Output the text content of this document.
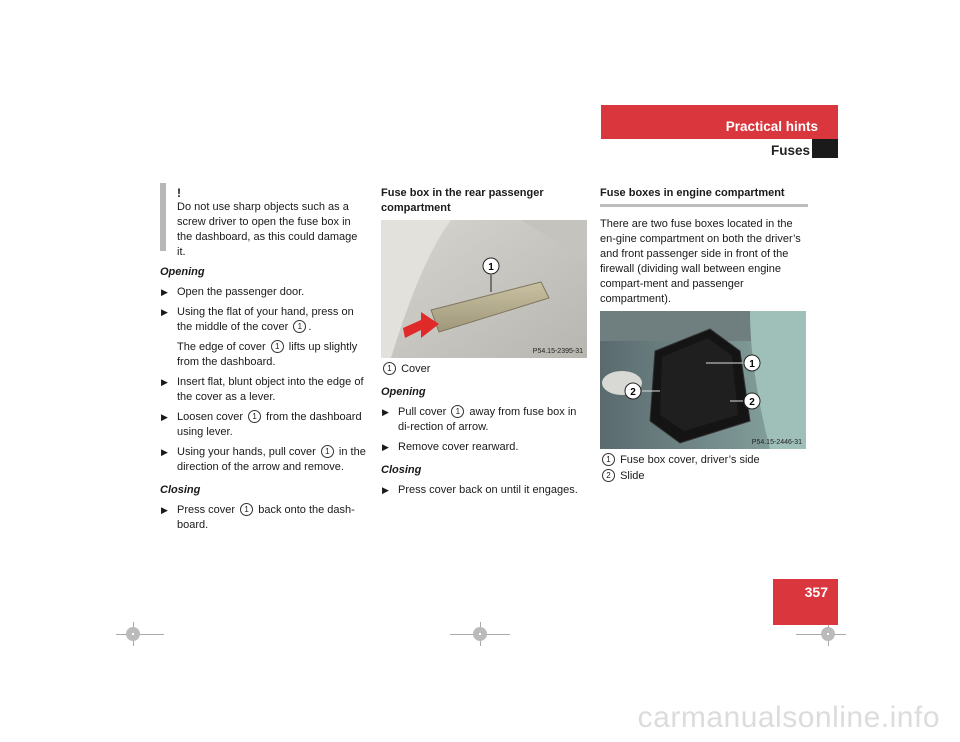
Practical hints
Fuses
357
!
Do not use sharp objects such as a screw driver to open the fuse box in the dashboard, as this could damage it.
Opening
▶ Open the passenger door.
▶ Using the flat of your hand, press on the middle of the cover 1 .
The edge of cover 1 lifts up slightly from the dashboard.
▶ Insert flat, blunt object into the edge of the cover as a lever.
▶ Loosen cover 1 from the dashboard using lever.
▶ Using your hands, pull cover 1 in the direction of the arrow and remove.
Closing
▶ Press cover 1 back onto the dash-board.
Fuse box in the rear passenger compartment
1
P54.15-2395-31
1 Cover
Opening
▶ Pull cover 1 away from fuse box in di-rection of arrow.
▶ Remove cover rearward.
Closing
▶ Press cover back on until it engages.
Fuse boxes in engine compartment
There are two fuse boxes located in the en-gine compartment on both the driver’s and front passenger side in front of the firewall (dividing wall between engine compart-ment and passenger compartment).
1
2
2
P54.15-2446-31
1 Fuse box cover, driver’s side
2 Slide
carmanualsonline.info
